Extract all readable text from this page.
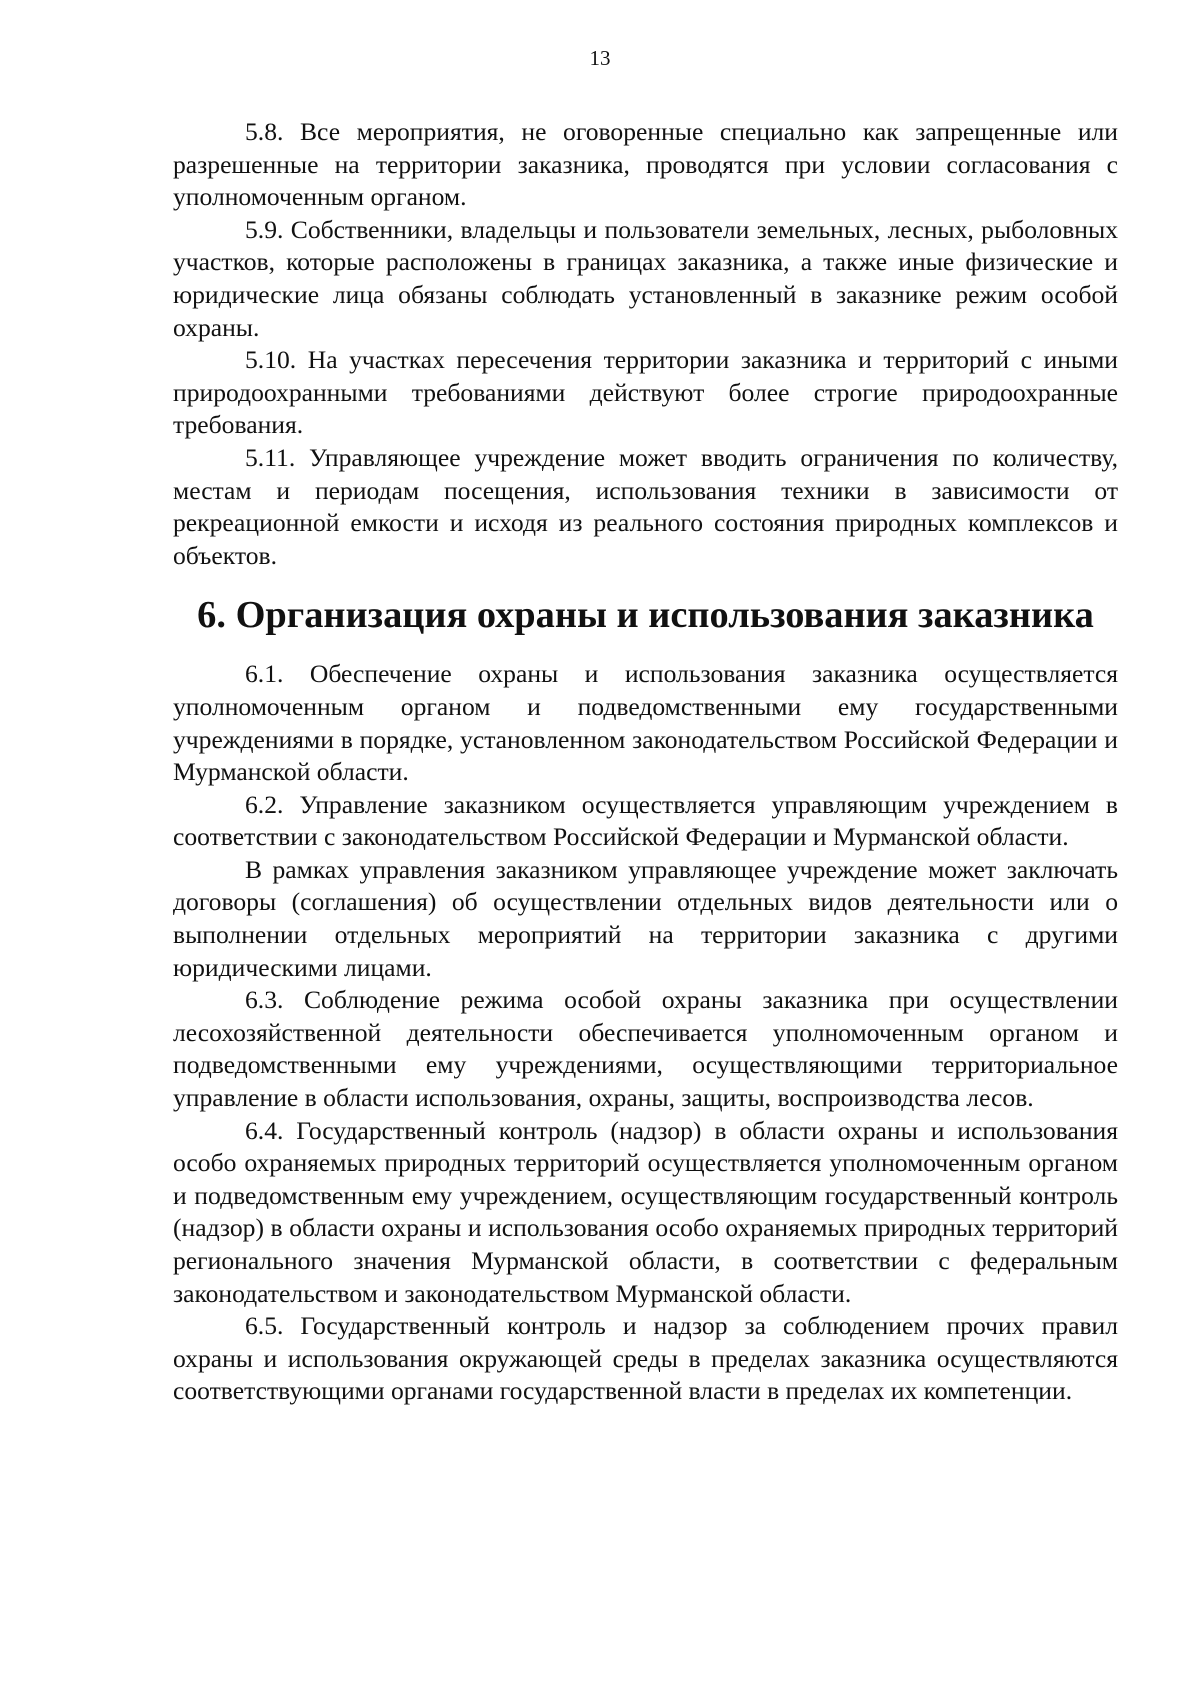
13

5.8. Все мероприятия, не оговоренные специально как запрещенные или разрешенные на территории заказника, проводятся при условии согласования с уполномоченным органом.

5.9. Собственники, владельцы и пользователи земельных, лесных, рыболовных участков, которые расположены в границах заказника, а также иные физические и юридические лица обязаны соблюдать установленный в заказнике режим особой охраны.

5.10. На участках пересечения территории заказника и территорий с иными природоохранными требованиями действуют более строгие природоохранные требования.

5.11. Управляющее учреждение может вводить ограничения по количеству, местам и периодам посещения, использования техники в зависимости от рекреационной емкости и исходя из реального состояния природных комплексов и объектов.

6. Организация охраны и использования заказника

6.1. Обеспечение охраны и использования заказника осуществляется уполномоченным органом и подведомственными ему государственными учреждениями в порядке, установленном законодательством Российской Федерации и Мурманской области.

6.2. Управление заказником осуществляется управляющим учреждением в соответствии с законодательством Российской Федерации и Мурманской области.

В рамках управления заказником управляющее учреждение может заключать договоры (соглашения) об осуществлении отдельных видов деятельности или о выполнении отдельных мероприятий на территории заказника с другими юридическими лицами.

6.3. Соблюдение режима особой охраны заказника при осуществлении лесохозяйственной деятельности обеспечивается уполномоченным органом и подведомственными ему учреждениями, осуществляющими территориальное управление в области использования, охраны, защиты, воспроизводства лесов.

6.4. Государственный контроль (надзор) в области охраны и использования особо охраняемых природных территорий осуществляется уполномоченным органом и подведомственным ему учреждением, осуществляющим государственный контроль (надзор) в области охраны и использования особо охраняемых природных территорий регионального значения Мурманской области, в соответствии с федеральным законодательством и законодательством Мурманской области.

6.5. Государственный контроль и надзор за соблюдением прочих правил охраны и использования окружающей среды в пределах заказника осуществляются соответствующими органами государственной власти в пределах их компетенции.
